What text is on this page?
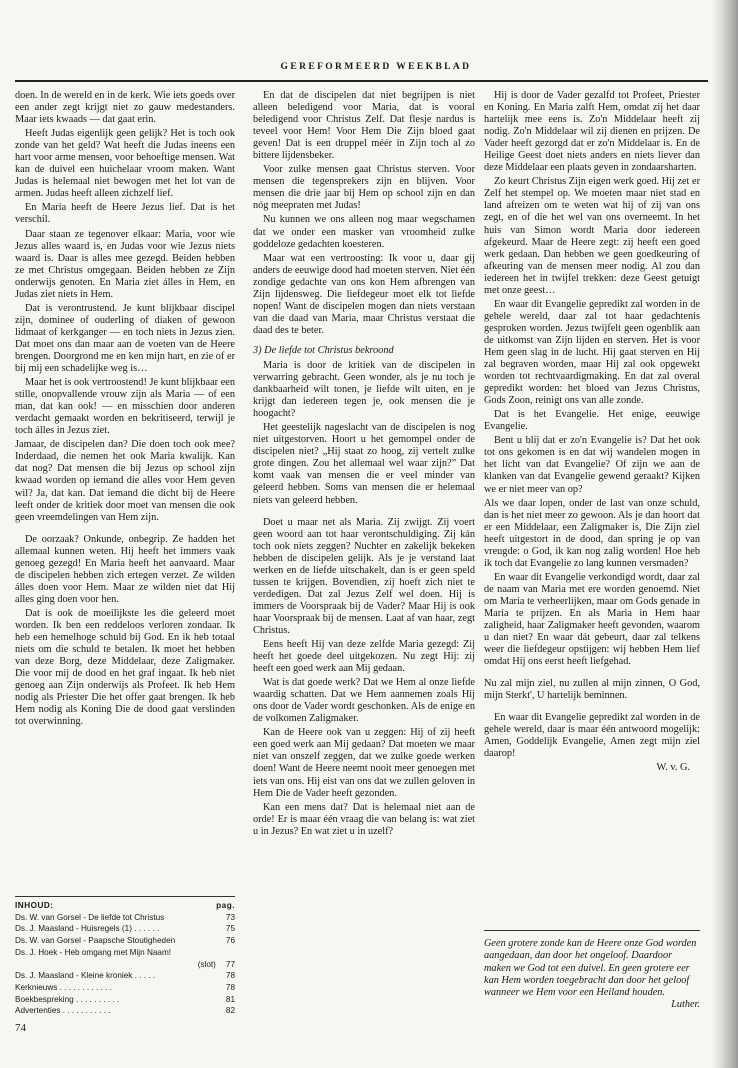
GEREFORMEERD WEEKBLAD

doen. In de wereld en in de kerk. Wie iets goeds over een ander zegt krijgt niet zo gauw medestanders. Maar iets kwaads — dat gaat erin.

Heeft Judas eigenlijk geen gelijk? Het is toch ook zonde van het geld? Wat heeft die Judas ineens een hart voor arme mensen, voor behoeftige mensen. Wat kan de duivel een huichelaar vroom maken. Want Judas is helemaal niet bewogen met het lot van de armen. Judas heeft alleen zichzelf lief.

En Maria heeft de Heere Jezus lief. Dat is het verschil.

Daar staan ze tegenover elkaar: Maria, voor wie Jezus alles waard is, en Judas voor wie Jezus niets waard is. Daar is alles mee gezegd. Beiden hebben ze met Christus omgegaan. Beiden hebben ze Zijn onderwijs genoten. En Maria ziet álles in Hem, en Judas ziet niets in Hem.

Dat is verontrustend. Je kunt blijkbaar discipel zijn, dominee of ouderling of diaken of gewoon lidmaat of kerkganger — en toch niets in Jezus zien. Dat moet ons dan maar aan de voeten van de Heere brengen. Doorgrond me en ken mijn hart, en zie of er bij mij een schadelijke weg is…

Maar het is ook vertroostend! Je kunt blijkbaar een stille, onopvallende vrouw zijn als Maria — of een man, dat kan ook! — en misschien door anderen verdacht gemaakt worden en bekritiseerd, terwijl je toch álles in Jezus ziet.

Jamaar, de discipelen dan? Die doen toch ook mee? Inderdaad, die nemen het ook Maria kwalijk. Kan dat nog? Dat mensen die bij Jezus op school zijn kwaad worden op iemand die alles voor Hem geven wil? Ja, dat kan. Dat iemand die dicht bij de Heere leeft onder de kritiek door moet van mensen die ook geen vreemdelingen van Hem zijn.

De oorzaak? Onkunde, onbegrip. Ze hadden het allemaal kunnen weten. Hij heeft het immers vaak genoeg gezegd! En Maria heeft het aanvaard. Maar de discipelen hebben zich ertegen verzet. Ze wilden álles doen voor Hem. Maar ze wilden niet dat Hij alles ging doen voor hen.

Dat is ook de moeilijkste les die geleerd moet worden. Ik ben een reddeloos verloren zondaar. Ik heb een hemelhoge schuld bij God. En ik heb totaal niets om die schuld te betalen. Ik moet het hebben van deze Borg, deze Middelaar, deze Zaligmaker. Die voor mij de dood en het graf ingaat. Ik heb niet genoeg aan Zijn onderwijs als Profeet. Ik heb Hem nodig als Priester Die het offer gaat brengen. Ik heb Hem nodig als Koning Die de dood gaat verslinden tot overwinning.

INHOUD:	pag.
Ds. W. van Gorsel - De liefde tot Christus	73
Ds. J. Maasland - Huisregels (1) . . . . . .	75
Ds. W. van Gorsel - Paapsche Stoutigheden	76
Ds. J. Hoek - Heb omgang met Mijn Naam!
(slot)	77
Ds. J. Maasland - Kleine kroniek . . . . .	78
Kerknieuws . . . . . . . . . . . .	78
Boekbespreking . . . . . . . . . .	81
Advertenties . . . . . . . . . . .	82
74

En dat de discipelen dat niet begrijpen is niet alleen beledigend voor Maria, dat is vooral beledigend voor Christus Zelf. Dat flesje nardus is teveel voor Hem! Voor Hem Die Zijn bloed gaat geven! Dat is een druppel méér in Zijn toch al zo bittere lijdensbeker.

Voor zulke mensen gaat Christus sterven. Voor mensen die tegensprekers zijn en blijven. Voor mensen die drie jaar bij Hem op school zijn en dan nóg meepraten met Judas!

Nu kunnen we ons alleen nog maar wegschamen dat we onder een masker van vroomheid zulke goddeloze gedachten koesteren.

Maar wat een vertroosting: Ik voor u, daar gij anders de eeuwige dood had moeten sterven. Niet één zondige gedachte van ons kon Hem afbrengen van Zijn lijdensweg. Die liefdegeur moet elk tot liefde nopen! Want de discipelen mogen dan niets verstaan van die daad van Maria, maar Christus verstaat die daad des te beter.

3) De liefde tot Christus bekroond

Maria is door de kritiek van de discipelen in verwarring gebracht. Geen wonder, als je nu toch je dankbaarheid wilt tonen, je liefde wilt uiten, en je krijgt dan iedereen tegen je, ook mensen die je hoogacht?

Het geestelijk nageslacht van de discipelen is nog niet uitgestorven. Hoort u het gemompel onder de discipelen niet? „Hij staat zo hoog, zij vertelt zulke grote dingen. Zou het allemaal wel waar zijn?” Dat komt vaak van mensen die er veel minder van geleerd hebben. Soms van mensen die er helemaal niets van geleerd hebben.

Doet u maar net als Maria. Zij zwijgt. Zij voert geen woord aan tot haar verontschuldiging. Zij kán toch ook niets zeggen? Nuchter en zakelijk bekeken hebben de discipelen gelijk. Als je je verstand laat werken en de liefde uitschakelt, dan is er geen speld tussen te krijgen. Bovendien, zij hoeft zich niet te verdedigen. Dat zal Jezus Zelf wel doen. Hij is immers de Voorspraak bij de Vader? Maar Hij is ook haar Voorspraak bij de mensen. Laat af van haar, zegt Christus.

Eens heeft Hij van deze zelfde Maria gezegd: Zij heeft het goede deel uitgekozen. Nu zegt Hij: zij heeft een goed werk aan Mij gedaan.

Wat is dat goede werk? Dat we Hem al onze liefde waardig schatten. Dat we Hem aannemen zoals Hij ons door de Vader wordt geschonken. Als de enige en de volkomen Zaligmaker.

Kan de Heere ook van u zeggen: Hij of zij heeft een goed werk aan Mij gedaan? Dat moeten we maar niet van onszelf zeggen, dat we zulke goede werken doen! Want de Heere neemt nooit meer genoegen met iets van ons. Hij eist van ons dat we zullen geloven in Hem Die de Vader heeft gezonden.

Kan een mens dat? Dat is helemaal niet aan de orde! Er is maar één vraag die van belang is: wat ziet u in Jezus? En wat ziet u in uzelf?

Hij is door de Vader gezalfd tot Profeet, Priester en Koning. En Maria zalft Hem, omdat zij het daar hartelijk mee eens is. Zo'n Middelaar heeft zij nodig. Zo'n Middelaar wil zij dienen en prijzen. De Vader heeft gezorgd dat er zo'n Middelaar is. En de Heilige Geest doet niets anders en niets liever dan deze Middelaar een plaats geven in zondaarsharten.

Zo keurt Christus Zijn eigen werk goed. Hij zet er Zelf het stempel op. We moeten maar niet stad en land afreizen om te weten wat hij of zij van ons zegt, en of die het wel van ons overneemt. In het huis van Simon wordt Maria door iedereen afgekeurd. Maar de Heere zegt: zij heeft een goed werk gedaan. Dan hebben we geen goedkeuring of afkeuring van de mensen meer nodig. Al zou dan iedereen het in twijfel trekken: deze Geest getuigt met onze geest…

En waar dit Evangelie gepredikt zal worden in de gehele wereld, daar zal tot haar gedachtenis gesproken worden. Jezus twijfelt geen ogenblik aan de uitkomst van Zijn lijden en sterven. Het is voor Hem geen slag in de lucht. Hij gaat sterven en Hij zal begraven worden, maar Hij zal ook opgewekt worden tot rechtvaardigmaking. En dat zal overal gepredikt worden: het bloed van Jezus Christus, Gods Zoon, reinigt ons van alle zonde.

Dat is het Evangelie. Het enige, eeuwige Evangelie.

Bent u blij dat er zo'n Evangelie is? Dat het ook tot ons gekomen is en dat wij wandelen mogen in het licht van dat Evangelie? Of zijn we aan de klanken van dat Evangelie gewend geraakt? Kijken we er niet meer van op?

Als we daar lopen, onder de last van onze schuld, dan is het niet meer zo gewoon. Als je dan hoort dat er een Middelaar, een Zaligmaker is, Die Zijn ziel heeft uitgestort in de dood, dan spring je op van vreugde: o God, ik kan nog zalig worden! Hoe heb ik toch dat Evangelie zo lang kunnen versmaden?

En waar dit Evangelie verkondigd wordt, daar zal de naam van Maria met ere worden genoemd. Niet om Maria te verheerlijken, maar om Gods genade in Maria te prijzen. En als Maria in Hem haar zaligheid, haar Zaligmaker heeft gevonden, waarom u dan niet? En waar dát gebeurt, daar zal telkens weer die liefdegeur opstijgen: wij hebben Hem lief omdat Hij ons eerst heeft liefgehad.

Nu zal mijn ziel, nu zullen al mijn zinnen, O God, mijn Sterkt', U hartelijk beminnen.

En waar dit Evangelie gepredikt zal worden in de gehele wereld, daar is maar één antwoord mogelijk: Amen, Goddelijk Evangelie, Amen zegt mijn ziel daarop!

W. v. G.

Geen grotere zonde kan de Heere onze God worden aangedaan, dan door het ongeloof. Daardoor maken we God tot een duivel. En geen grotere eer kan Hem worden toegebracht dan door het geloof wanneer we Hem voor een Heiland houden.
Luther.
